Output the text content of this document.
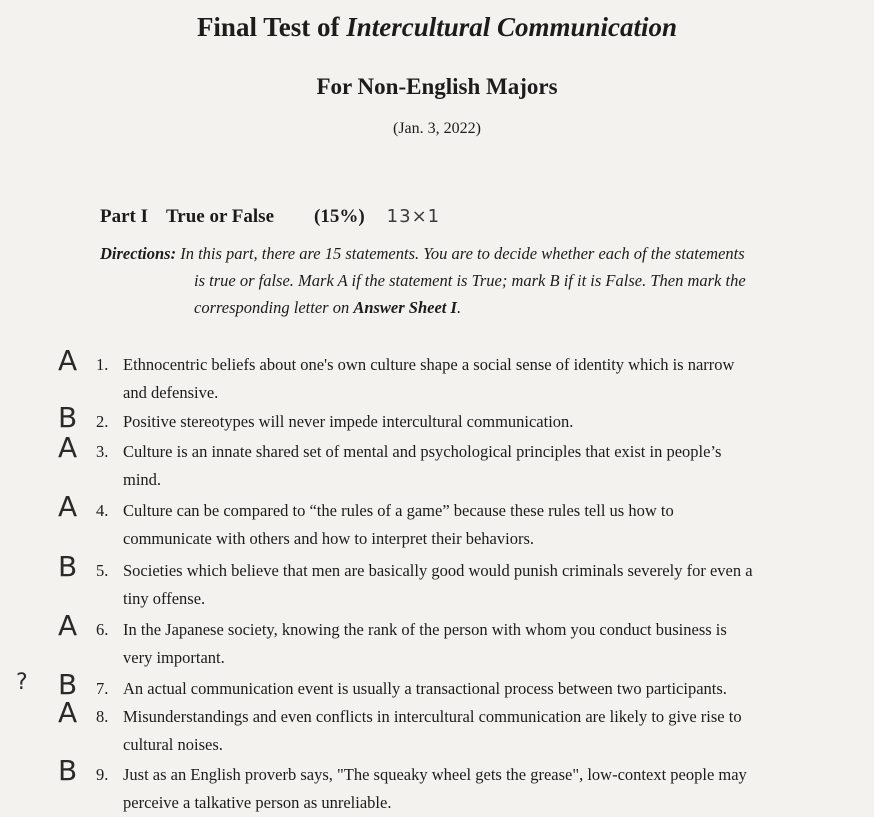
Final Test of Intercultural Communication
For Non-English Majors
(Jan. 3, 2022)
Part I True or False (15%) 13×1
Directions: In this part, there are 15 statements. You are to decide whether each of the statements
is true or false. Mark A if the statement is True; mark B if it is False. Then mark the
corresponding letter on Answer Sheet I.
?
A 1. Ethnocentric beliefs about one's own culture shape a social sense of identity which is narrow
and defensive.
B 2. Positive stereotypes will never impede intercultural communication.
A 3. Culture is an innate shared set of mental and psychological principles that exist in people’s
mind.
A 4. Culture can be compared to “the rules of a game” because these rules tell us how to
communicate with others and how to interpret their behaviors.
B 5. Societies which believe that men are basically good would punish criminals severely for even a
tiny offense.
A 6. In the Japanese society, knowing the rank of the person with whom you conduct business is
very important.
B 7. An actual communication event is usually a transactional process between two participants.
A 8. Misunderstandings and even conflicts in intercultural communication are likely to give rise to
cultural noises.
B 9. Just as an English proverb says, "The squeaky wheel gets the grease", low-context people may
perceive a talkative person as unreliable.
